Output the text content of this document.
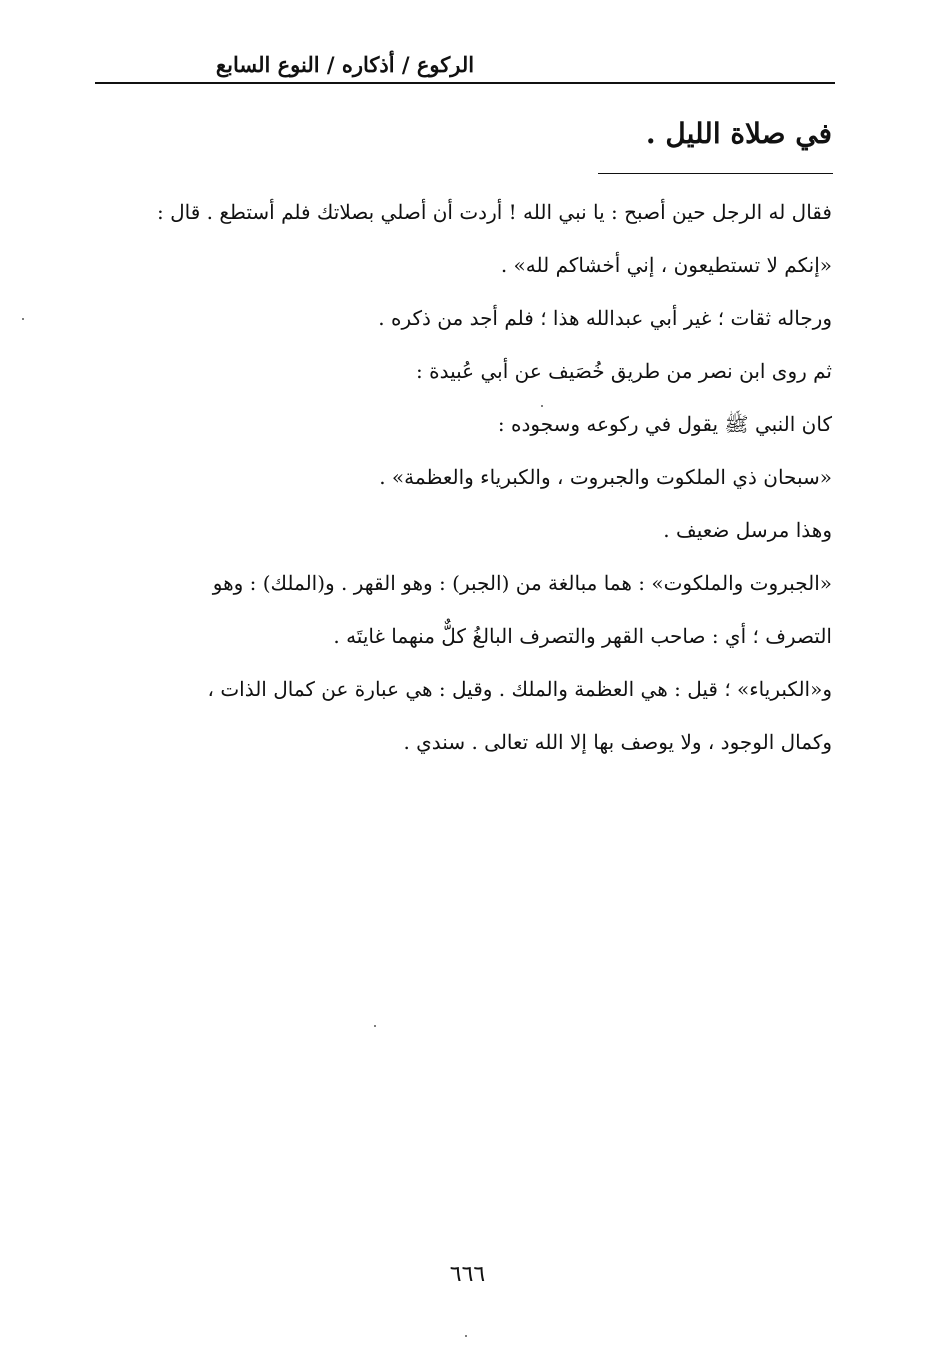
الركوع / أذكاره / النوع السابع
في صلاة الليل .
فقال له الرجل حين أصبح : يا نبي الله ! أردت أن أصلي بصلاتك فلم أستطع . قال :
«إنكم لا تستطيعون ، إني أخشاكم لله» .
ورجاله ثقات ؛ غير أبي عبدالله هذا ؛ فلم أجد من ذكره .
ثم روى ابن نصر من طريق خُصَيف عن أبي عُبيدة :
كان النبي ﷺ يقول في ركوعه وسجوده :
«سبحان ذي الملكوت والجبروت ، والكبرياء والعظمة» .
وهذا مرسل ضعيف .
«الجبروت والملكوت» : هما مبالغة من (الجبر) : وهو القهر . و(الملك) : وهو
التصرف ؛ أي : صاحب القهر والتصرف البالغُ كلٌّ منهما غايتَه .
و«الكبرياء» ؛ قيل : هي العظمة والملك . وقيل : هي عبارة عن كمال الذات ،
وكمال الوجود ، ولا يوصف بها إلا الله تعالى . سندي .
٦٦٦
